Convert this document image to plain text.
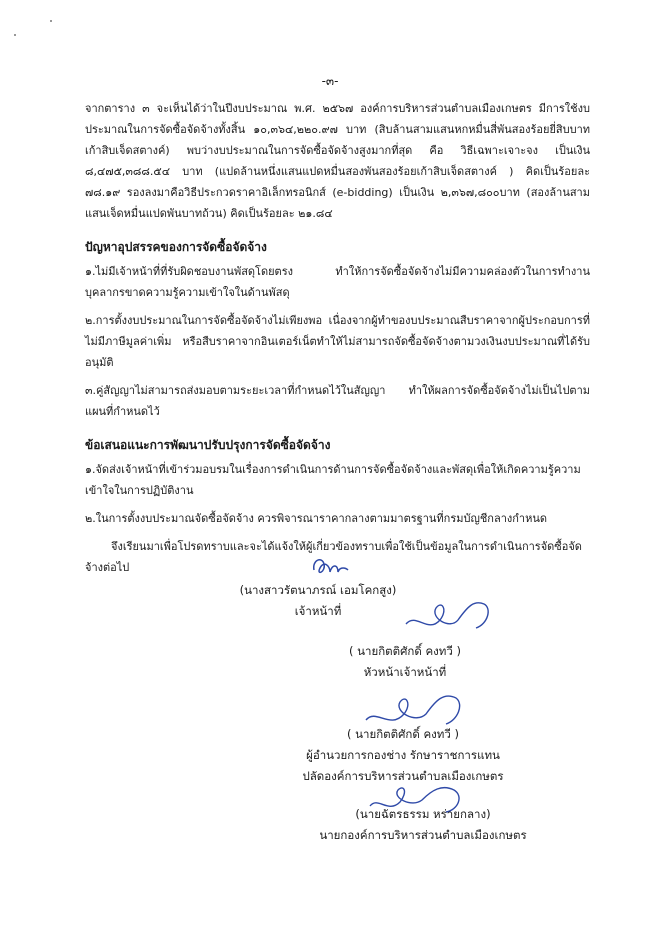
-๓-

จากตาราง ๓ จะเห็นได้ว่าในปีงบประมาณ พ.ศ. ๒๕๖๗ องค์การบริหารส่วนตำบลเมืองเกษตร มีการใช้งบประมาณในการจัดซื้อจัดจ้างทั้งสิ้น ๑๐,๓๖๔,๒๒๐.๙๗ บาท (สิบล้านสามแสนหกหมื่นสี่พันสองร้อยยี่สิบบาทเก้าสิบเจ็ดสตางค์) พบว่างบประมาณในการจัดซื้อจัดจ้างสูงมากที่สุด คือ วิธีเฉพาะเจาะจง เป็นเงิน ๘,๔๗๕,๓๘๘.๕๔ บาท (แปดล้านหนึ่งแสนแปดหมื่นสองพันสองร้อยเก้าสิบเจ็ดสตางค์ ) คิดเป็นร้อยละ ๗๘.๑๙ รองลงมาคือวิธีประกวดราคาอิเล็กทรอนิกส์ (e-bidding) เป็นเงิน ๒,๓๖๗,๘๐๐บาท (สองล้านสามแสนเจ็ดหมื่นแปดพันบาทถ้วน) คิดเป็นร้อยละ ๒๑.๘๔

ปัญหาอุปสรรคของการจัดซื้อจัดจ้าง

๑.ไม่มีเจ้าหน้าที่ที่รับผิดชอบงานพัสดุโดยตรง ทำให้การจัดซื้อจัดจ้างไม่มีความคล่องตัวในการทำงาน บุคลากรขาดความรู้ความเข้าใจในด้านพัสดุ

๒.การตั้งงบประมาณในการจัดซื้อจัดจ้างไม่เพียงพอ เนื่องจากผู้ทำของบประมาณสืบราคาจากผู้ประกอบการที่ไม่มีภาษีมูลค่าเพิ่ม หรือสืบราคาจากอินเตอร์เน็ตทำให้ไม่สามารถจัดซื้อจัดจ้างตามวงเงินงบประมาณที่ได้รับอนุมัติ

๓.คู่สัญญาไม่สามารถส่งมอบตามระยะเวลาที่กำหนดไว้ในสัญญา ทำให้ผลการจัดซื้อจัดจ้างไม่เป็นไปตามแผนที่กำหนดไว้

ข้อเสนอแนะการพัฒนาปรับปรุงการจัดซื้อจัดจ้าง

๑.จัดส่งเจ้าหน้าที่เข้าร่วมอบรมในเรื่องการดำเนินการด้านการจัดซื้อจัดจ้างและพัสดุเพื่อให้เกิดความรู้ความเข้าใจในการปฏิบัติงาน

๒.ในการตั้งงบประมาณจัดซื้อจัดจ้าง ควรพิจารณาราคากลางตามมาตรฐานที่กรมบัญชีกลางกำหนด

จึงเรียนมาเพื่อโปรดทราบและจะได้แจ้งให้ผู้เกี่ยวข้องทราบเพื่อใช้เป็นข้อมูลในการดำเนินการจัดซื้อจัดจ้างต่อไป

(นางสาวรัตนาภรณ์ เอมโคกสูง)
เจ้าหน้าที่
( นายกิตติศักดิ์ คงทวี )
หัวหน้าเจ้าหน้าที่
( นายกิตติศักดิ์ คงทวี )
ผู้อำนวยการกองช่าง รักษาราชการแทน
ปลัดองค์การบริหารส่วนตำบลเมืองเกษตร
(นายฉัตรธรรม หร่ายกลาง)
นายกองค์การบริหารส่วนตำบลเมืองเกษตร
